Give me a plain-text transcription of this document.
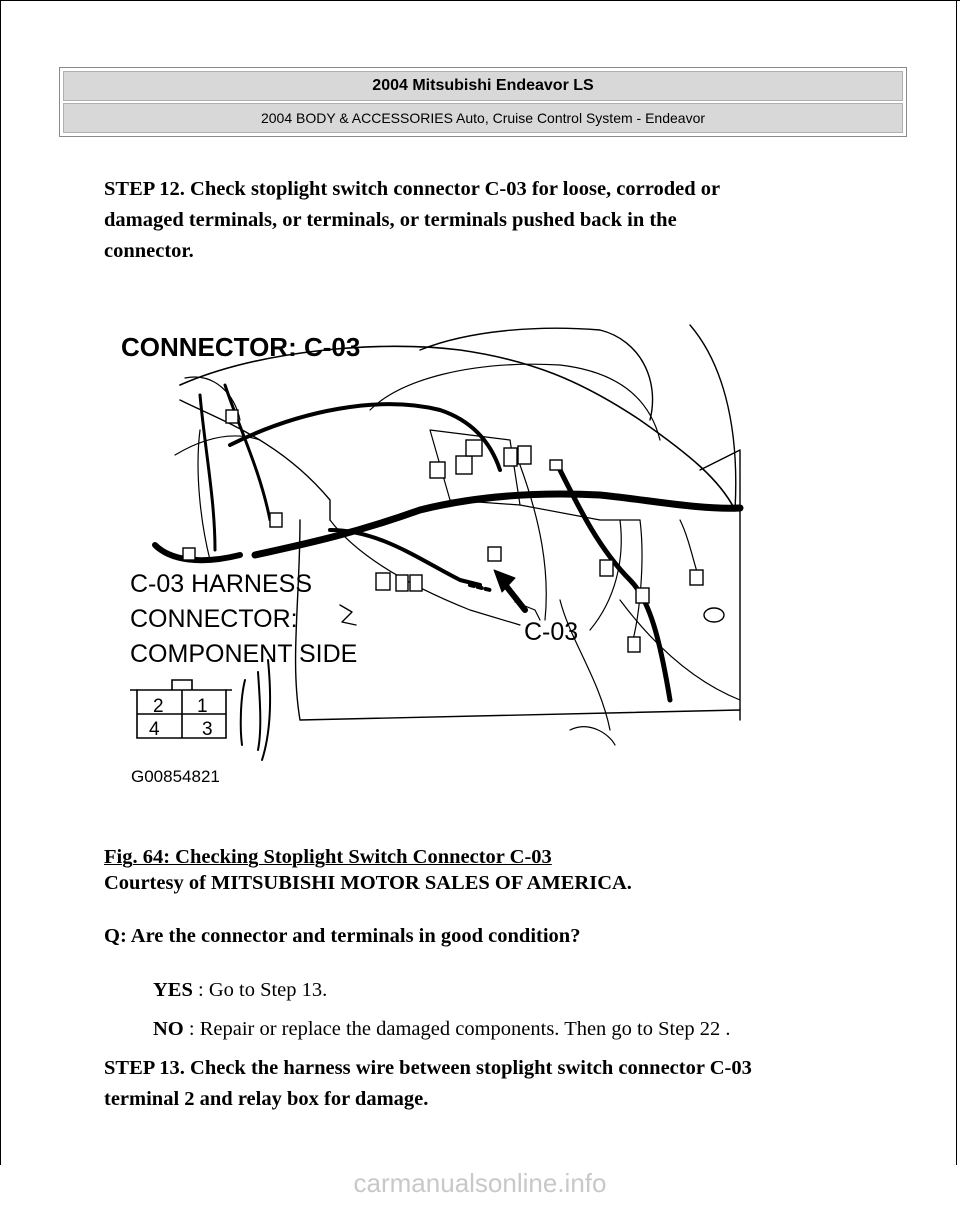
2004 Mitsubishi Endeavor LS
2004 BODY & ACCESSORIES Auto, Cruise Control System - Endeavor
STEP 12. Check stoplight switch connector C-03 for loose, corroded or
damaged terminals, or terminals, or terminals pushed back in the
connector.
CONNECTOR: C-03
C-03 HARNESS
CONNECTOR:
COMPONENT SIDE
C-03
2 1
4 3
G00854821
Fig. 64: Checking Stoplight Switch Connector C-03
Courtesy of MITSUBISHI MOTOR SALES OF AMERICA.
Q: Are the connector and terminals in good condition?
YES : Go to Step 13.
NO : Repair or replace the damaged components. Then go to Step 22 .
STEP 13. Check the harness wire between stoplight switch connector C-03
terminal 2 and relay box for damage.
carmanualsonline.info
